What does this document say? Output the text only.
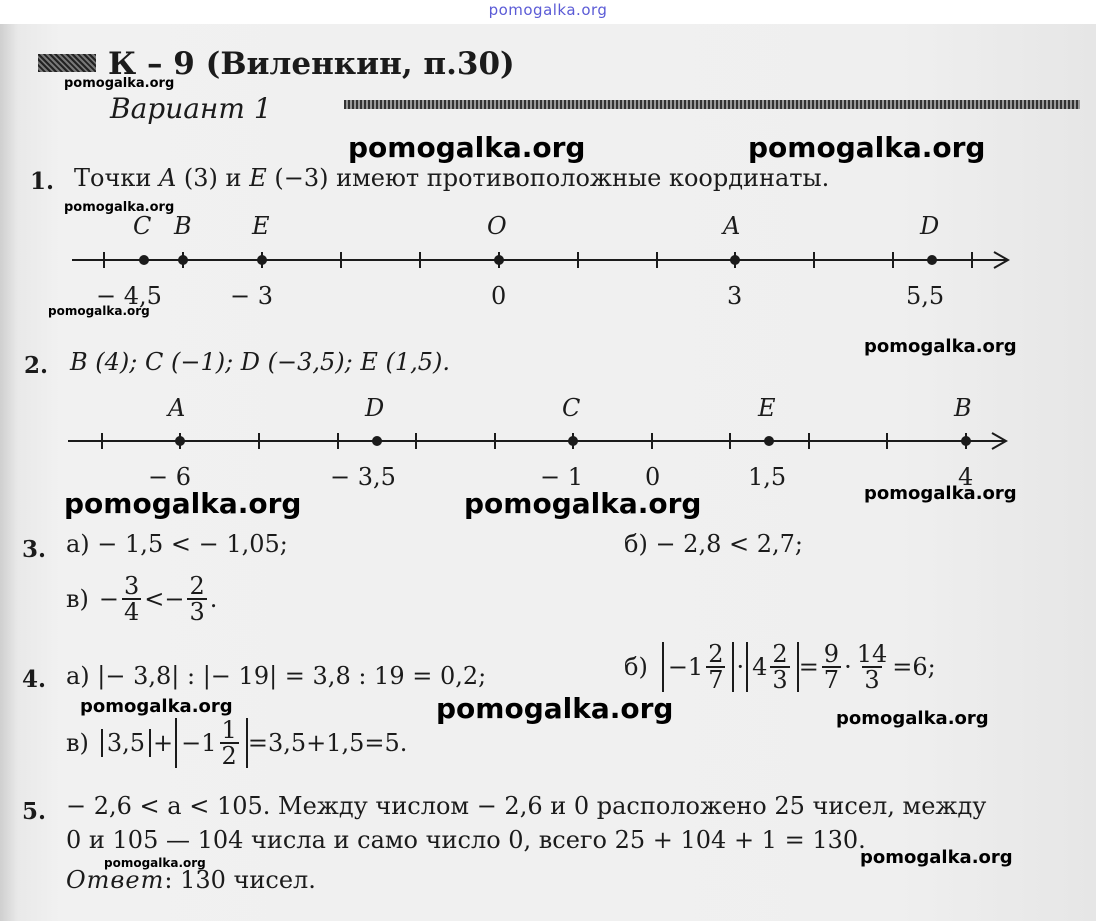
pomogalka.org
К – 9 (Виленкин, п.30)
pomogalka.org
Вариант 1
pomogalka.org	pomogalka.org
1. Точки A (3) и E (−3) имеют противоположные координаты.
pomogalka.org
C B	E	O	A	D
− 4,5	− 3	0	3	5,5
pomogalka.org
pomogalka.org
2. B (4); C (−1); D (−3,5); E (1,5).
A	D	C	E	B
− 6	− 3,5	− 1	0	1,5	4
pomogalka.org	pomogalka.org	pomogalka.org
3. а) − 1,5 < − 1,05;	б) − 2,8 < 2,7;
$в) - \frac{3}{4}$ < − $\frac{2}{3}$ .
4. а) |− 3,8| : |− 19| = 3,8 : 19 = 0,2;	$б) -1 \frac{2}{7} \cdot 4 \frac{2}{3} = \frac{9}{7} \cdot \frac{14}{3} =6$;
pomogalka.org	pomogalka.org	pomogalka.org
в) $3,5 + -1 \frac{1}{2} =3,5+1,5=5$.
5. − 2,6 < a < 105. Между числом − 2,6 и 0 расположено 25 чисел, между
0 и 105 — 104 числа и само число 0, всего 25 + 104 + 1 = 130.
pomogalka.org	pomogalka.org
Ответ: 130 чисел.
